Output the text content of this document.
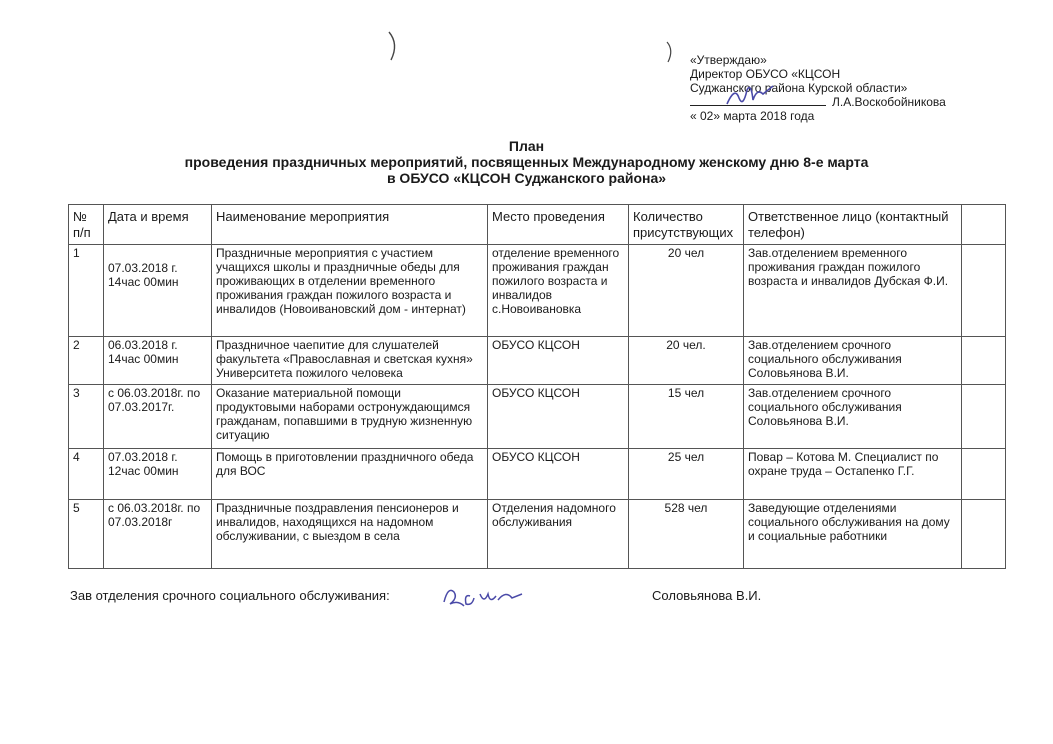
«Утверждаю»
Директор ОБУСО «КЦСОН
Суджанского района Курской области»
Л.А.Воскобойникова
« 02» марта 2018 года
План
проведения праздничных мероприятий, посвященных Международному женскому дню 8-е марта
в ОБУСО «КЦСОН Суджанского района»
№ п/п	Дата и время	Наименование мероприятия	Место проведения	Количество присутствующих	Ответственное лицо (контактный телефон)	
1	07.03.2018 г. 14час 00мин	Праздничные мероприятия с участием учащихся школы и праздничные обеды для проживающих в отделении временного проживания граждан пожилого возраста и инвалидов (Новоивановский дом - интернат)	отделение временного проживания граждан пожилого возраста и инвалидов с.Новоивановка	20 чел	Зав.отделением временного проживания граждан пожилого возраста и инвалидов Дубская Ф.И.	
2	06.03.2018 г. 14час 00мин	Праздничное чаепитие для слушателей факультета «Православная и светская кухня» Университета пожилого человека	ОБУСО КЦСОН	20 чел.	Зав.отделением срочного социального обслуживания Соловьянова В.И.	
3	с 06.03.2018г. по 07.03.2017г.	Оказание материальной помощи продуктовыми наборами остронуждающимся гражданам, попавшими в трудную жизненную ситуацию	ОБУСО КЦСОН	15 чел	Зав.отделением срочного социального обслуживания Соловьянова В.И.	
4	07.03.2018 г. 12час 00мин	Помощь в приготовлении праздничного обеда для ВОС	ОБУСО КЦСОН	25 чел	Повар – Котова М. Специалист по охране труда – Остапенко Г.Г.	
5	с 06.03.2018г. по 07.03.2018г	Праздничные поздравления пенсионеров и инвалидов, находящихся на надомном обслуживании, с выездом в села	Отделения надомного обслуживания	528 чел	Заведующие отделениями социального обслуживания на дому и социальные работники	
Зав отделения срочного социального обслуживания:	Соловьянова В.И.
